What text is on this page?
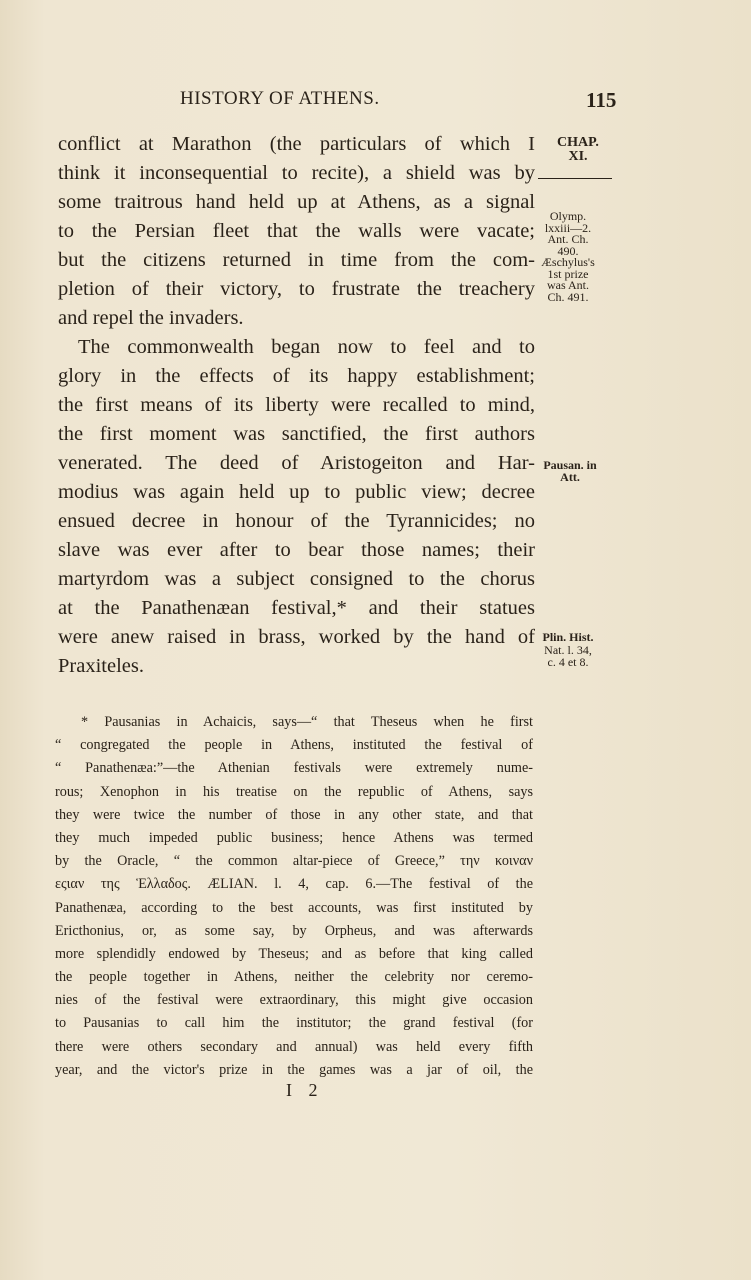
HISTORY OF ATHENS.	115
conflict at Marathon (the particulars of which I
think it inconsequential to recite), a shield was by
some traitrous hand held up at Athens, as a signal
to the Persian fleet that the walls were vacate;
but the citizens returned in time from the com-
pletion of their victory, to frustrate the treachery
and repel the invaders.
The commonwealth began now to feel and to
glory in the effects of its happy establishment;
the first means of its liberty were recalled to mind,
the first moment was sanctified, the first authors
venerated. The deed of Aristogeiton and Har-
modius was again held up to public view; decree
ensued decree in honour of the Tyrannicides; no
slave was ever after to bear those names; their
martyrdom was a subject consigned to the chorus
at the Panathenæan festival,* and their statues
were anew raised in brass, worked by the hand of
Praxiteles.
CHAP.
XI.
Olymp.
lxxiii—2.
Ant. Ch.
490.
Æschylus's
1st prize
was Ant.
Ch. 491.
Pausan. in
Att.
Plin. Hist.
Nat. l. 34,
c. 4 et 8.
* Pausanias in Achaicis, says—“ that Theseus when he first
“ congregated the people in Athens, instituted the festival of
“ Panathenæa:”—the Athenian festivals were extremely nume-
rous; Xenophon in his treatise on the republic of Athens, says
they were twice the number of those in any other state, and that
they much impeded public business; hence Athens was termed
by the Oracle, “ the common altar-piece of Greece,” την κοιναν
εςιαν της Ἑλλαδος. ÆLIAN. l. 4, cap. 6.—The festival of the
Panathenæa, according to the best accounts, was first instituted by
Ericthonius, or, as some say, by Orpheus, and was afterwards
more splendidly endowed by Theseus; and as before that king called
the people together in Athens, neither the celebrity nor ceremo-
nies of the festival were extraordinary, this might give occasion
to Pausanias to call him the institutor; the grand festival (for
there were others secondary and annual) was held every fifth
year, and the victor's prize in the games was a jar of oil, the
I 2
